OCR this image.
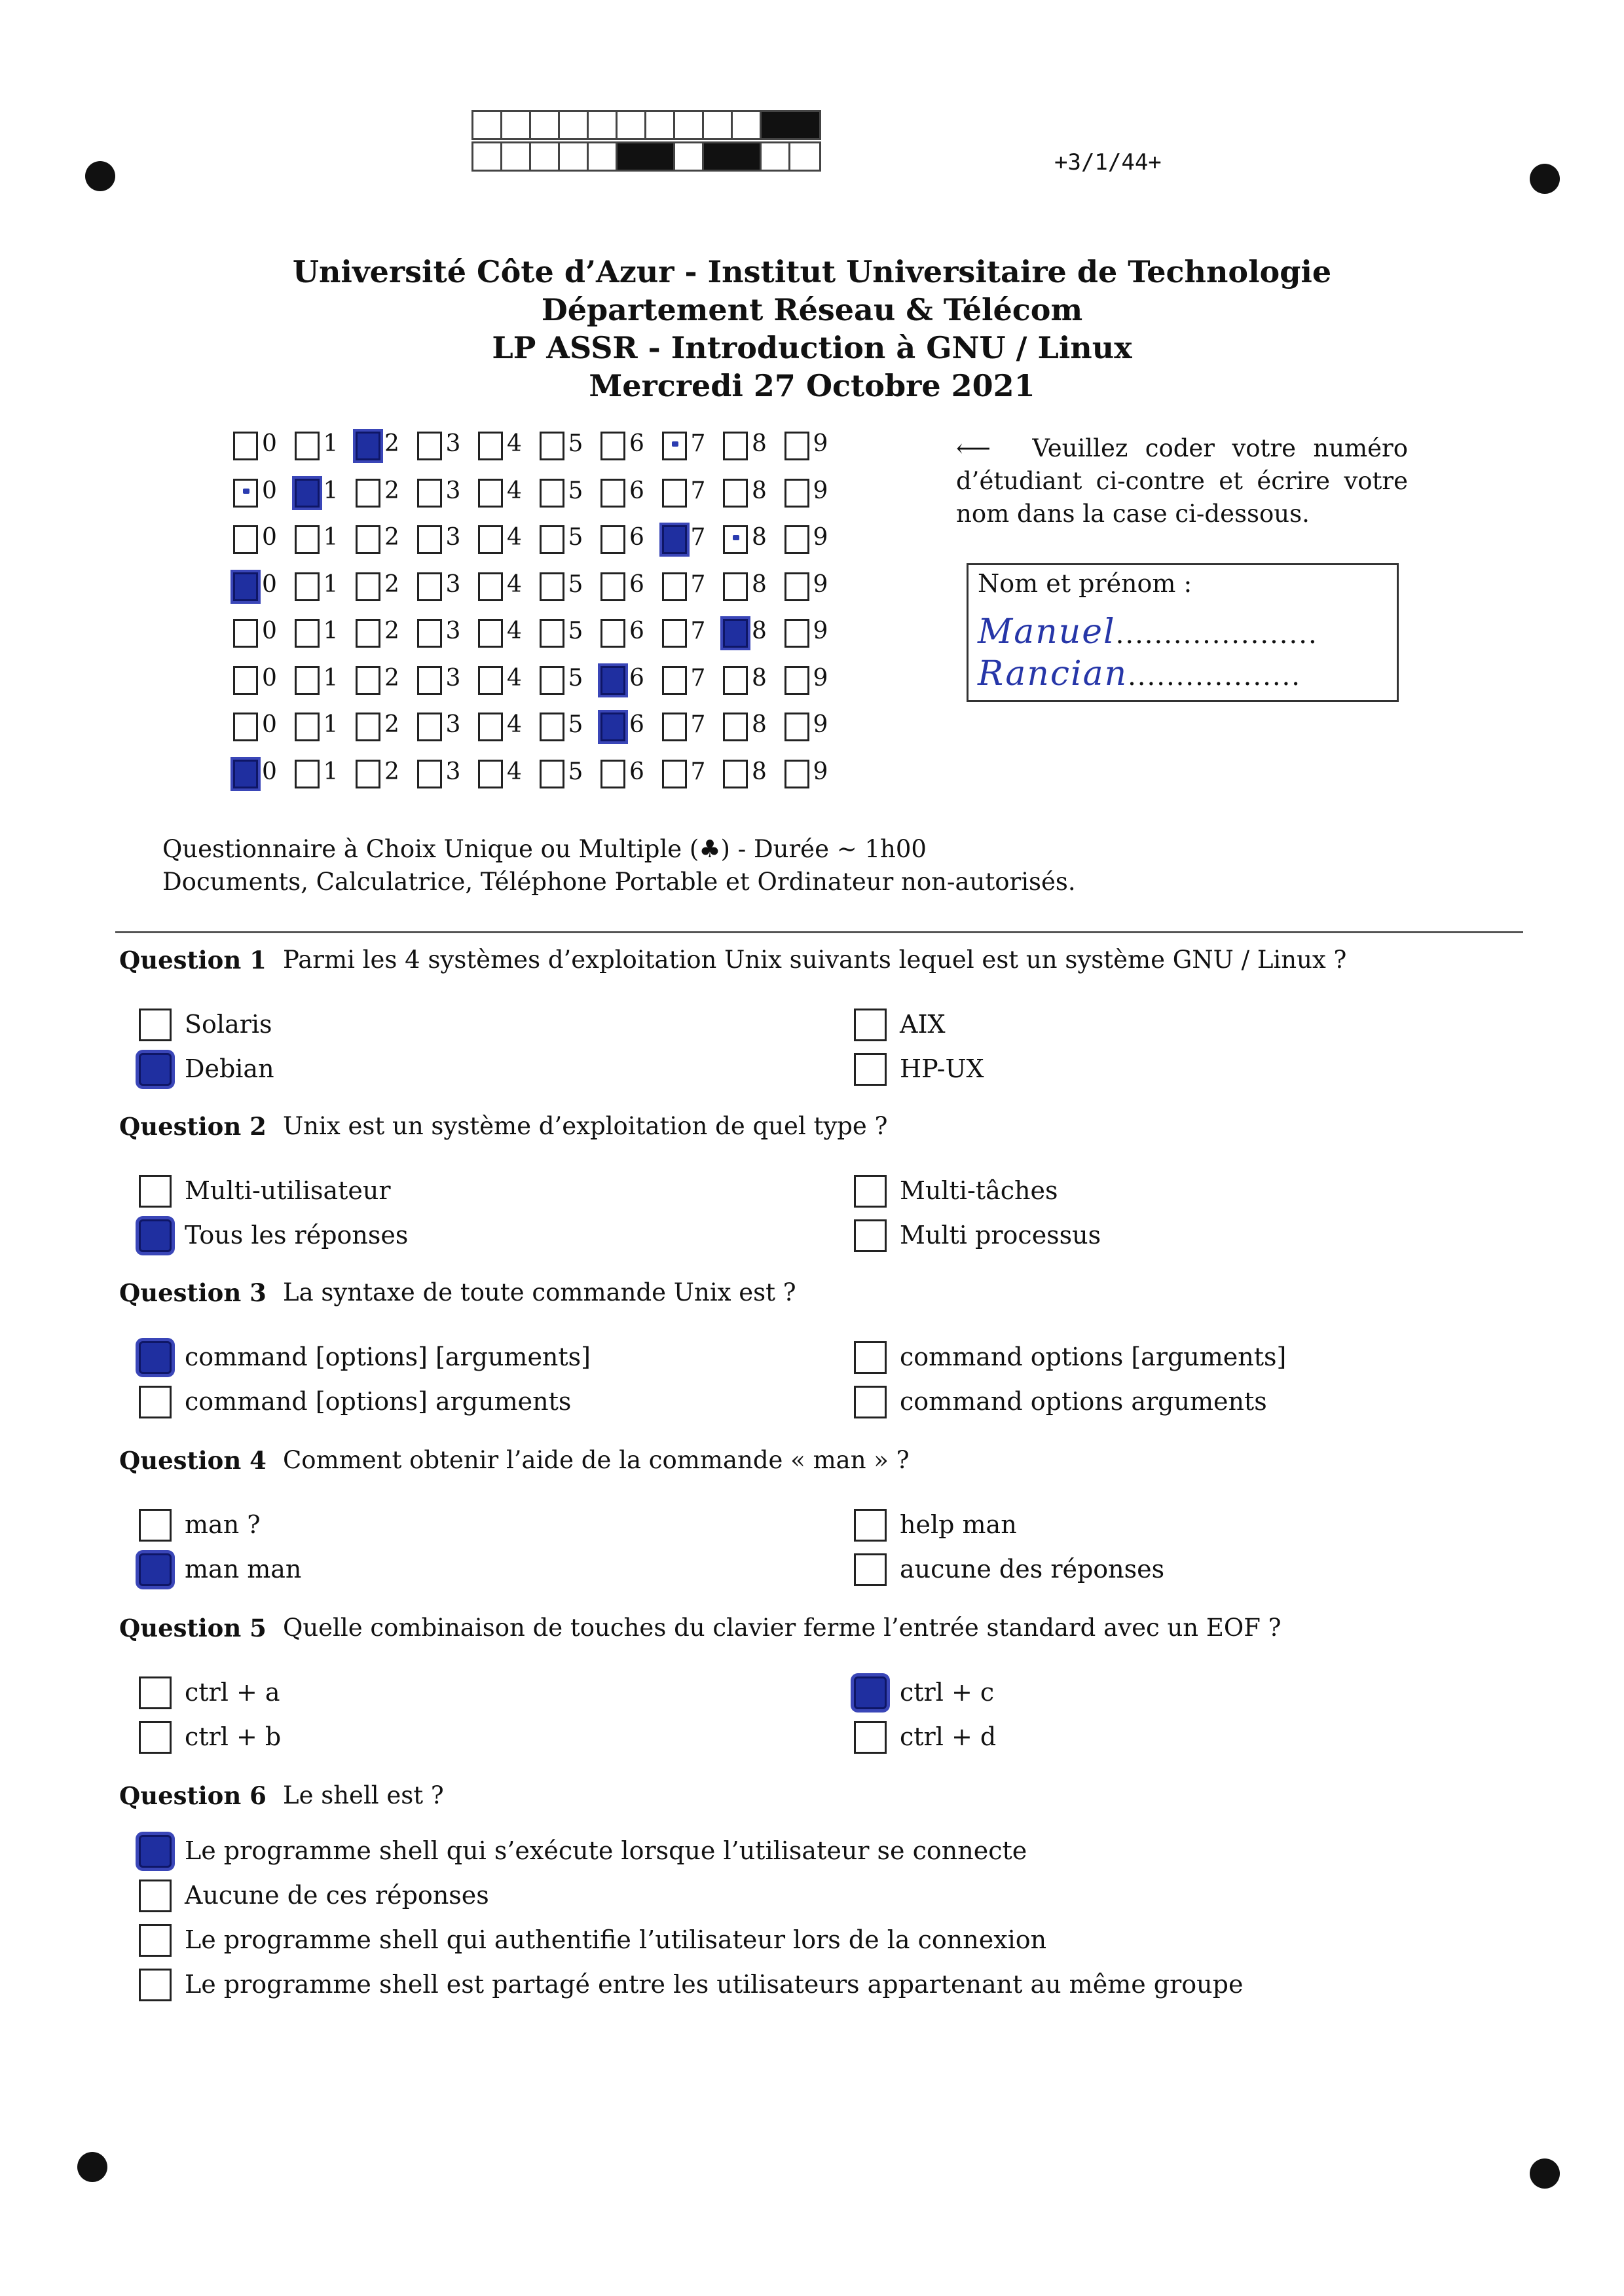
+3/1/44+
Université Côte d’Azur - Institut Universitaire de Technologie
Département Réseau & Télécom
LP ASSR - Introduction à GNU / Linux
Mercredi 27 Octobre 2021
0 1 2 3 4 5 6 7 8 9
0 1 2 3 4 5 6 7 8 9
0 1 2 3 4 5 6 7 8 9
0 1 2 3 4 5 6 7 8 9
0 1 2 3 4 5 6 7 8 9
0 1 2 3 4 5 6 7 8 9
0 1 2 3 4 5 6 7 8 9
0 1 2 3 4 5 6 7 8 9
⟵ Veuillez coder votre numéro d’étudiant ci-contre et écrire votre nom dans la case ci-dessous.
Nom et prénom :
Manuel.....................
Rancian..................
Questionnaire à Choix Unique ou Multiple (♣) - Durée ~ 1h00
Documents, Calculatrice, Téléphone Portable et Ordinateur non-autorisés.
Question 1 Parmi les 4 systèmes d’exploitation Unix suivants lequel est un système GNU / Linux ?
Solaris
Debian
AIX
HP-UX
Question 2 Unix est un système d’exploitation de quel type ?
Multi-utilisateur
Tous les réponses
Multi-tâches
Multi processus
Question 3 La syntaxe de toute commande Unix est ?
command [options] [arguments]
command [options] arguments
command options [arguments]
command options arguments
Question 4 Comment obtenir l’aide de la commande « man » ?
man ?
man man
help man
aucune des réponses
Question 5 Quelle combinaison de touches du clavier ferme l’entrée standard avec un EOF ?
ctrl + a
ctrl + b
ctrl + c
ctrl + d
Question 6 Le shell est ?
Le programme shell qui s’exécute lorsque l’utilisateur se connecte
Aucune de ces réponses
Le programme shell qui authentifie l’utilisateur lors de la connexion
Le programme shell est partagé entre les utilisateurs appartenant au même groupe
